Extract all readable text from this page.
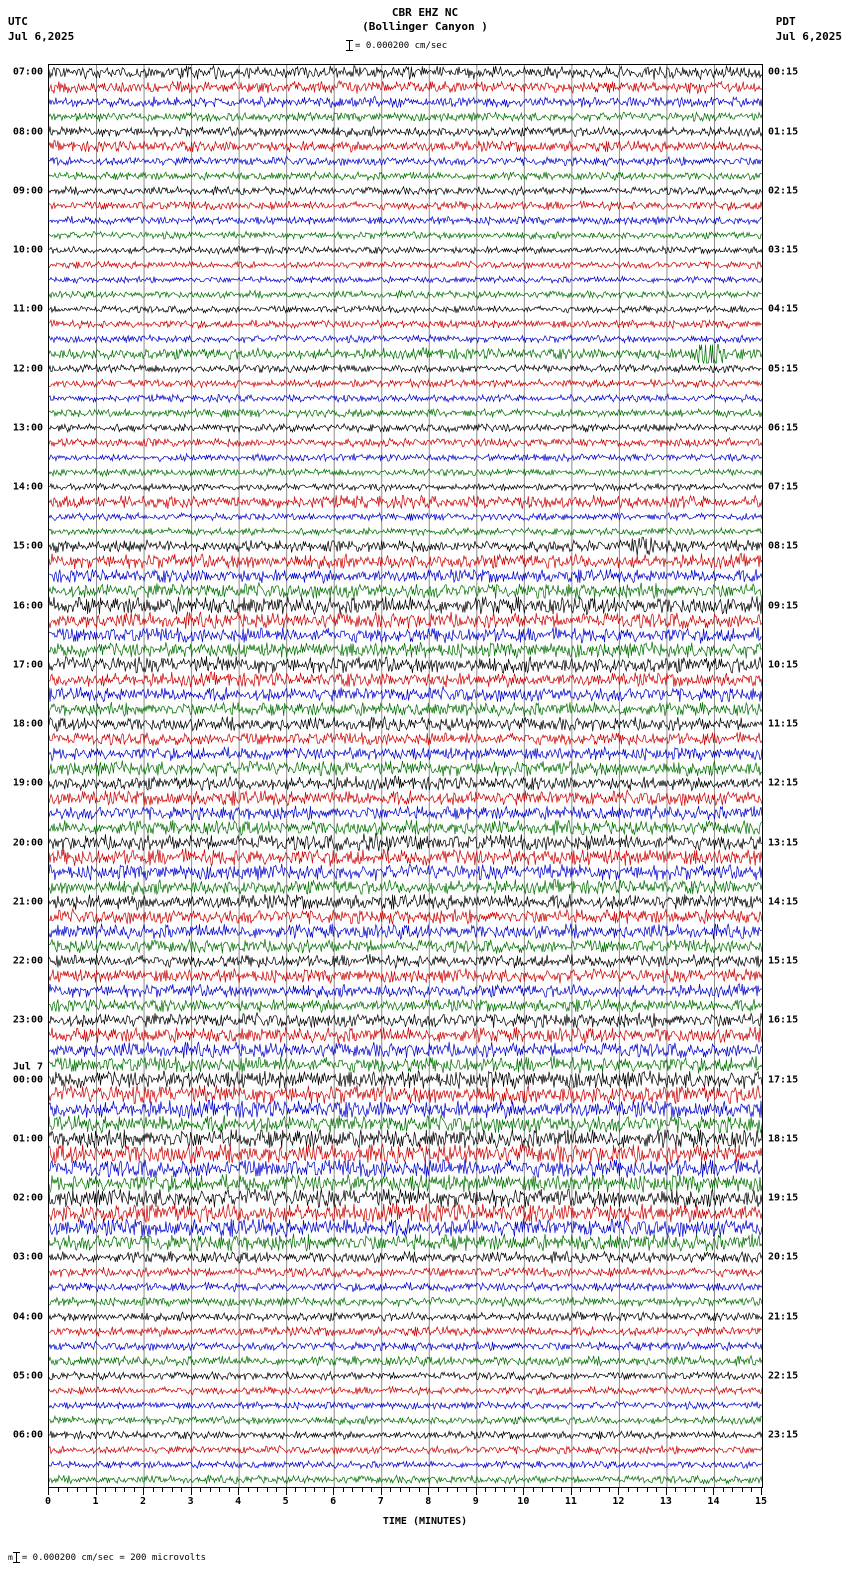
UTC
Jul 6,2025
PDT
Jul 6,2025
CBR EHZ NC
(Bollinger Canyon )
= 0.000200 cm/sec
07:00
08:00
09:00
10:00
11:00
12:00
13:00
14:00
15:00
16:00
17:00
18:00
19:00
20:00
21:00
22:00
23:00
00:00
01:00
02:00
03:00
04:00
05:00
06:00
00:15
01:15
02:15
03:15
04:15
05:15
06:15
07:15
08:15
09:15
10:15
11:15
12:15
13:15
14:15
15:15
16:15
17:15
18:15
19:15
20:15
21:15
22:15
23:15
Jul 7
0	1	2	3	4	5	6	7	8	9	10	11	12	13	14	15
TIME (MINUTES)
m = 0.000200 cm/sec = 200 microvolts
